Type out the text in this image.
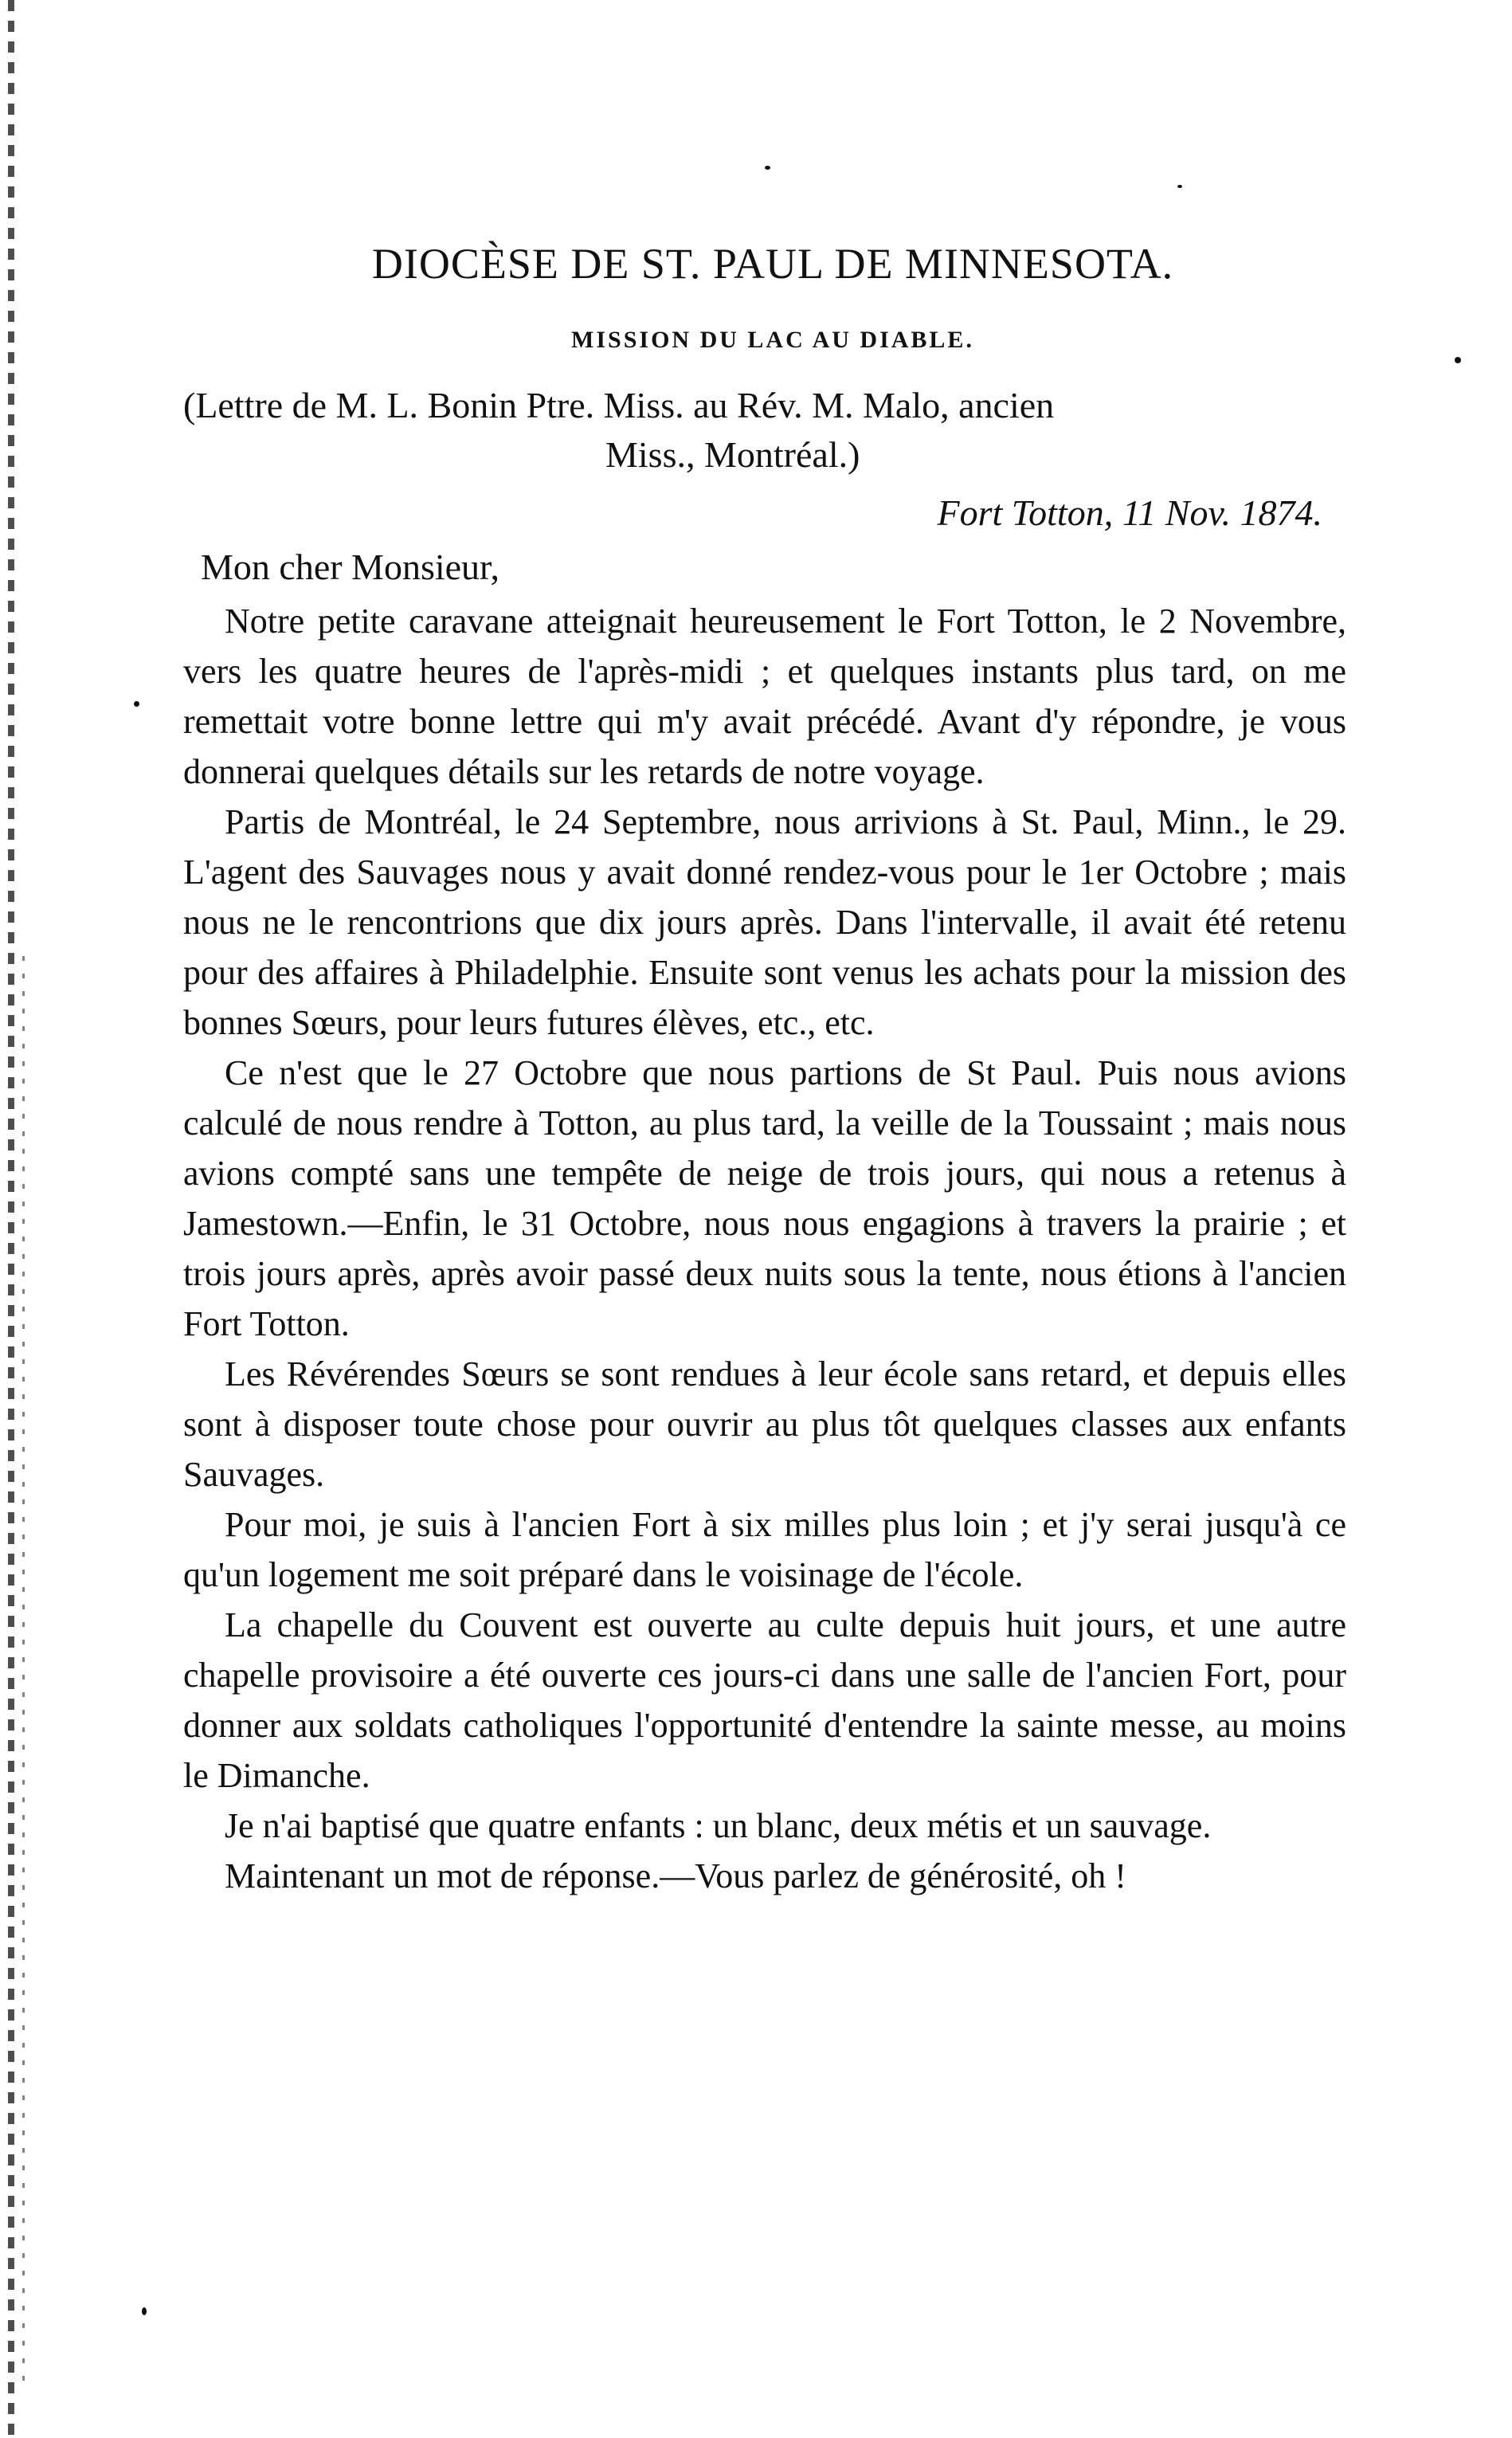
DIOCÈSE DE ST. PAUL DE MINNESOTA.
MISSION DU LAC AU DIABLE.
(Lettre de M. L. Bonin Ptre. Miss. au Rév. M. Malo, ancien
Miss., Montréal.)
Fort Totton, 11 Nov. 1874.
Mon cher Monsieur,

Notre petite caravane atteignait heureusement le Fort Totton, le 2 Novembre, vers les quatre heures de l'après-midi ; et quelques instants plus tard, on me remettait votre bonne lettre qui m'y avait précédé. Avant d'y répondre, je vous donnerai quelques détails sur les retards de notre voyage.

Partis de Montréal, le 24 Septembre, nous arrivions à St. Paul, Minn., le 29. L'agent des Sauvages nous y avait donné rendez-vous pour le 1er Octobre ; mais nous ne le rencontrions que dix jours après. Dans l'intervalle, il avait été retenu pour des affaires à Philadelphie. Ensuite sont venus les achats pour la mission des bonnes Sœurs, pour leurs futures élèves, etc., etc.

Ce n'est que le 27 Octobre que nous partions de St Paul. Puis nous avions calculé de nous rendre à Totton, au plus tard, la veille de la Toussaint ; mais nous avions compté sans une tempête de neige de trois jours, qui nous a retenus à Jamestown.—Enfin, le 31 Octobre, nous nous engagions à travers la prairie ; et trois jours après, après avoir passé deux nuits sous la tente, nous étions à l'ancien Fort Totton.

Les Révérendes Sœurs se sont rendues à leur école sans retard, et depuis elles sont à disposer toute chose pour ouvrir au plus tôt quelques classes aux enfants Sauvages.

Pour moi, je suis à l'ancien Fort à six milles plus loin ; et j'y serai jusqu'à ce qu'un logement me soit préparé dans le voisinage de l'école.

La chapelle du Couvent est ouverte au culte depuis huit jours, et une autre chapelle provisoire a été ouverte ces jours-ci dans une salle de l'ancien Fort, pour donner aux soldats catholiques l'opportunité d'entendre la sainte messe, au moins le Dimanche.

Je n'ai baptisé que quatre enfants : un blanc, deux métis et un sauvage.

Maintenant un mot de réponse.—Vous parlez de générosité, oh !
